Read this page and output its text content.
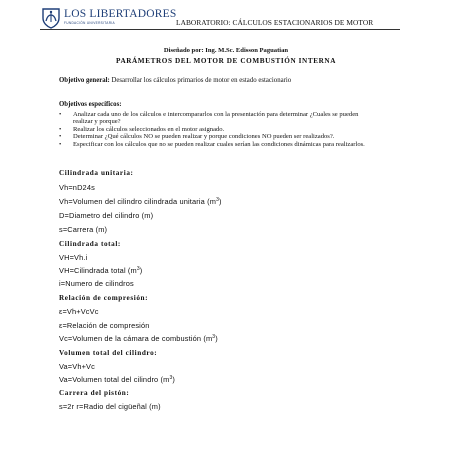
LOS LIBERTADORES
FUNDACIÓN UNIVERSITARIA	LABORATORIO: CÁLCULOS ESTACIONARIOS DE MOTOR
Diseñado por: Ing. M.Sc. Edisson Paguatian
PARÁMETROS DEL MOTOR DE COMBUSTIÓN INTERNA
Objetivo general: Desarrollar los cálculos primarios de motor en estado estacionario
Objetivos específicos:
• Analizar cada uno de los cálculos e intercompararlos con la presentación para determinar ¿Cuales se pueden realizar y porque?
• Realizar los cálculos seleccionados en el motor asignado.
• Determinar ¿Qué cálculos NO se pueden realizar y porque condiciones NO pueden ser realizados?.
• Especificar con los cálculos que no se pueden realizar cuales serían las condiciones dinámicas para realizarlos.
Cilindrada unitaria:
Vh=nD24s
Vh=Volumen del cilindro cilindrada unitaria $(m^3)$
D=Diametro del cilindro (m)
s=Carrera (m)
Cilindrada total:
VH=Vh.i
VH=Cilindrada total $(m^3)$
i=Numero de cilindros
Relación de compresión:
ε=Vh+VcVc
ε=Relación de compresión
Vc=Volumen de la cámara de combustión $(m^3)$
Volumen total del cilindro:
Va=Vh+Vc
Va=Volumen total del cilindro $(m^3)$
Carrera del pistón:
s=2r r=Radio del cigüeñal (m)
